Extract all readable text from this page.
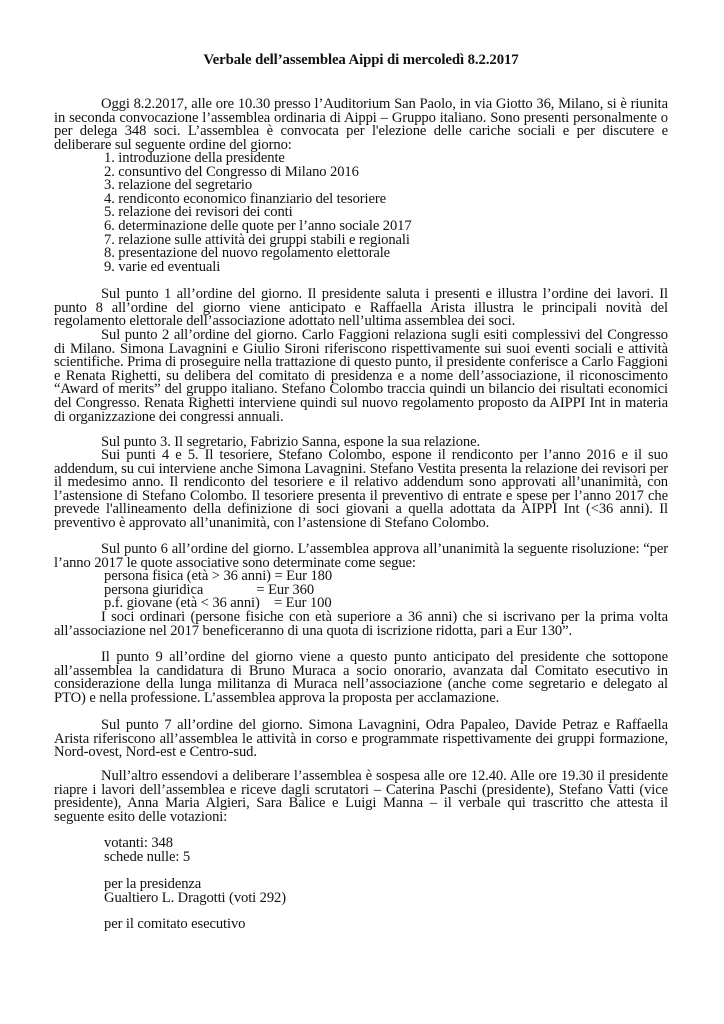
Verbale dell’assemblea Aippi di mercoledì 8.2.2017

Oggi 8.2.2017, alle ore 10.30 presso l’Auditorium San Paolo, in via Giotto 36, Milano, si è riunita in seconda convocazione l’assemblea ordinaria di Aippi – Gruppo italiano. Sono presenti personalmente o per delega 348 soci. L’assemblea è convocata per l'elezione delle cariche sociali e per discutere e deliberare sul seguente ordine del giorno:

1. introduzione della presidente
2. consuntivo del Congresso di Milano 2016
3. relazione del segretario
4. rendiconto economico finanziario del tesoriere
5. relazione dei revisori dei conti
6. determinazione delle quote per l’anno sociale 2017
7. relazione sulle attività dei gruppi stabili e regionali
8. presentazione del nuovo regolamento elettorale
9. varie ed eventuali

Sul punto 1 all’ordine del giorno. Il presidente saluta i presenti e illustra l’ordine dei lavori. Il punto 8 all’ordine del giorno viene anticipato e Raffaella Arista illustra le principali novità del regolamento elettorale dell’associazione adottato nell’ultima assemblea dei soci.

Sul punto 2 all’ordine del giorno. Carlo Faggioni relaziona sugli esiti complessivi del Congresso di Milano. Simona Lavagnini e Giulio Sironi riferiscono rispettivamente sui suoi eventi sociali e attività scientifiche. Prima di proseguire nella trattazione di questo punto, il presidente conferisce a Carlo Faggioni e Renata Righetti, su delibera del comitato di presidenza e a nome dell’associazione, il riconoscimento “Award of merits” del gruppo italiano. Stefano Colombo traccia quindi un bilancio dei risultati economici del Congresso. Renata Righetti interviene quindi sul nuovo regolamento proposto da AIPPI Int in materia di organizzazione dei congressi annuali.

Sul punto 3. Il segretario, Fabrizio Sanna, espone la sua relazione.

Sui punti 4 e 5. Il tesoriere, Stefano Colombo, espone il rendiconto per l’anno 2016 e il suo addendum, su cui interviene anche Simona Lavagnini. Stefano Vestita presenta la relazione dei revisori per il medesimo anno. Il rendiconto del tesoriere e il relativo addendum sono approvati all’unanimità, con l’astensione di Stefano Colombo. Il tesoriere presenta il preventivo di entrate e spese per l’anno 2017 che prevede l'allineamento della definizione di soci giovani a quella adottata da AIPPI Int (<36 anni). Il preventivo è approvato all’unanimità, con l’astensione di Stefano Colombo.

Sul punto 6 all’ordine del giorno. L’assemblea approva all’unanimità la seguente risoluzione: “per l’anno 2017 le quote associative sono determinate come segue:

persona fisica (età > 36 anni) = Eur 180
persona giuridica               = Eur 360
p.f. giovane (età < 36 anni)    = Eur 100

I soci ordinari (persone fisiche con età superiore a 36 anni) che si iscrivano per la prima volta all’associazione nel 2017 beneficeranno di una quota di iscrizione ridotta, pari a Eur 130”.

Il punto 9 all’ordine del giorno viene a questo punto anticipato del presidente che sottopone all’assemblea la candidatura di Bruno Muraca a socio onorario, avanzata dal Comitato esecutivo in considerazione della lunga militanza di Muraca nell’associazione (anche come segretario e delegato al PTO) e nella professione. L’assemblea approva la proposta per acclamazione.

Sul punto 7 all’ordine del giorno. Simona Lavagnini, Odra Papaleo, Davide Petraz e Raffaella Arista riferiscono all’assemblea le attività in corso e programmate rispettivamente dei gruppi formazione, Nord-ovest, Nord-est e Centro-sud.

Null’altro essendovi a deliberare l’assemblea è sospesa alle ore 12.40. Alle ore 19.30 il presidente riapre i lavori dell’assemblea e riceve dagli scrutatori – Caterina Paschi (presidente), Stefano Vatti (vice presidente), Anna Maria Algieri, Sara Balice e Luigi Manna – il verbale qui trascritto che attesta il seguente esito delle votazioni:

votanti: 348
schede nulle: 5
per la presidenza
Gualtiero L. Dragotti (voti 292)
per il comitato esecutivo
